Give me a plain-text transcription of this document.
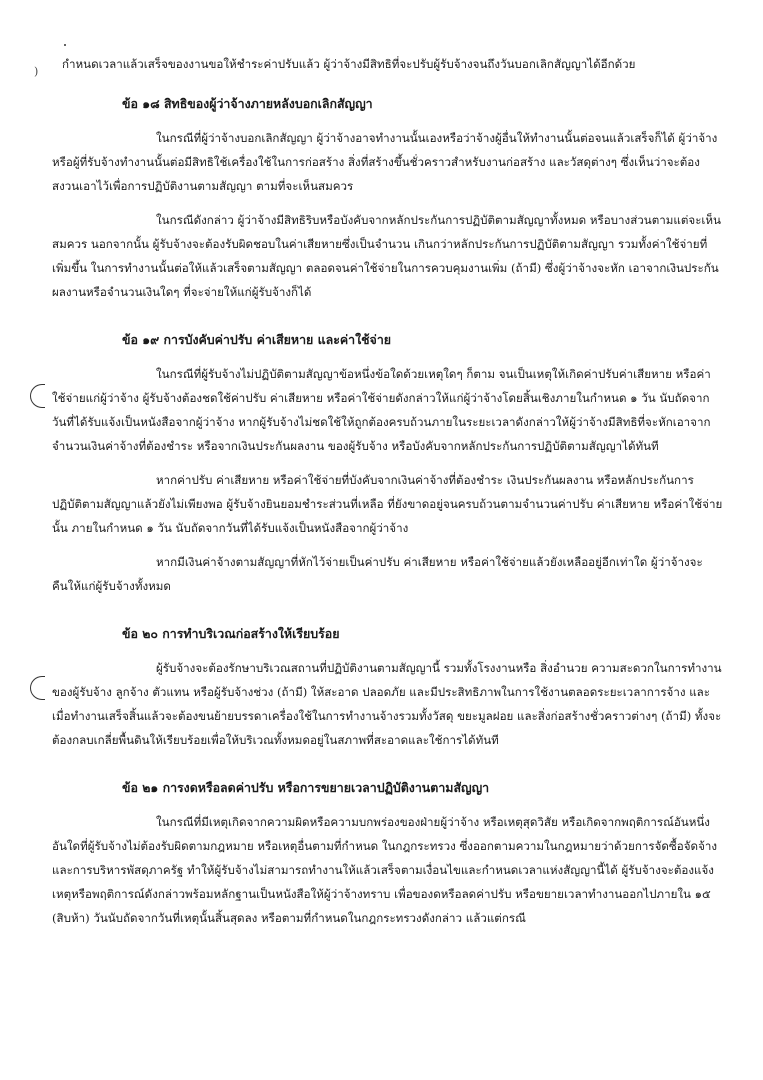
)

กำหนดเวลาแล้วเสร็จของงานขอให้ชำระค่าปรับแล้ว ผู้ว่าจ้างมีสิทธิที่จะปรับผู้รับจ้างจนถึงวันบอกเลิกสัญญาได้อีกด้วย

ข้อ ๑๘ สิทธิของผู้ว่าจ้างภายหลังบอกเลิกสัญญา

ในกรณีที่ผู้ว่าจ้างบอกเลิกสัญญา ผู้ว่าจ้างอาจทำงานนั้นเองหรือว่าจ้างผู้อื่นให้ทำงานนั้นต่อจนแล้วเสร็จก็ได้ ผู้ว่าจ้างหรือผู้ที่รับจ้างทำงานนั้นต่อมีสิทธิใช้เครื่องใช้ในการก่อสร้าง สิ่งที่สร้างขึ้นชั่วคราวสำหรับงานก่อสร้าง และวัสดุต่างๆ ซึ่งเห็นว่าจะต้องสงวนเอาไว้เพื่อการปฏิบัติงานตามสัญญา ตามที่จะเห็นสมควร

ในกรณีดังกล่าว ผู้ว่าจ้างมีสิทธิริบหรือบังคับจากหลักประกันการปฏิบัติตามสัญญาทั้งหมด หรือบางส่วนตามแต่จะเห็นสมควร นอกจากนั้น ผู้รับจ้างจะต้องรับผิดชอบในค่าเสียหายซึ่งเป็นจำนวน เกินกว่าหลักประกันการปฏิบัติตามสัญญา รวมทั้งค่าใช้จ่ายที่เพิ่มขึ้น ในการทำงานนั้นต่อให้แล้วเสร็จตามสัญญา ตลอดจนค่าใช้จ่ายในการควบคุมงานเพิ่ม (ถ้ามี) ซึ่งผู้ว่าจ้างจะหัก เอาจากเงินประกันผลงานหรือจำนวนเงินใดๆ ที่จะจ่ายให้แก่ผู้รับจ้างก็ได้

ข้อ ๑๙ การบังคับค่าปรับ ค่าเสียหาย และค่าใช้จ่าย

ในกรณีที่ผู้รับจ้างไม่ปฏิบัติตามสัญญาข้อหนึ่งข้อใดด้วยเหตุใดๆ ก็ตาม จนเป็นเหตุให้เกิดค่าปรับค่าเสียหาย หรือค่าใช้จ่ายแก่ผู้ว่าจ้าง ผู้รับจ้างต้องชดใช้ค่าปรับ ค่าเสียหาย หรือค่าใช้จ่ายดังกล่าวให้แก่ผู้ว่าจ้างโดยสิ้นเชิงภายในกำหนด ๑ วัน นับถัดจากวันที่ได้รับแจ้งเป็นหนังสือจากผู้ว่าจ้าง หากผู้รับจ้างไม่ชดใช้ให้ถูกต้องครบถ้วนภายในระยะเวลาดังกล่าวให้ผู้ว่าจ้างมีสิทธิที่จะหักเอาจากจำนวนเงินค่าจ้างที่ต้องชำระ หรือจากเงินประกันผลงาน ของผู้รับจ้าง หรือบังคับจากหลักประกันการปฏิบัติตามสัญญาได้ทันที

หากค่าปรับ ค่าเสียหาย หรือค่าใช้จ่ายที่บังคับจากเงินค่าจ้างที่ต้องชำระ เงินประกันผลงาน หรือหลักประกันการปฏิบัติตามสัญญาแล้วยังไม่เพียงพอ ผู้รับจ้างยินยอมชำระส่วนที่เหลือ ที่ยังขาดอยู่จนครบถ้วนตามจำนวนค่าปรับ ค่าเสียหาย หรือค่าใช้จ่ายนั้น ภายในกำหนด ๑ วัน นับถัดจากวันที่ได้รับแจ้งเป็นหนังสือจากผู้ว่าจ้าง

หากมีเงินค่าจ้างตามสัญญาที่หักไว้จ่ายเป็นค่าปรับ ค่าเสียหาย หรือค่าใช้จ่ายแล้วยังเหลืออยู่อีกเท่าใด ผู้ว่าจ้างจะคืนให้แก่ผู้รับจ้างทั้งหมด

ข้อ ๒๐ การทำบริเวณก่อสร้างให้เรียบร้อย

ผู้รับจ้างจะต้องรักษาบริเวณสถานที่ปฏิบัติงานตามสัญญานี้ รวมทั้งโรงงานหรือ สิ่งอำนวย ความสะดวกในการทำงานของผู้รับจ้าง ลูกจ้าง ตัวแทน หรือผู้รับจ้างช่วง (ถ้ามี) ให้สะอาด ปลอดภัย และมีประสิทธิภาพในการใช้งานตลอดระยะเวลาการจ้าง และเมื่อทำงานเสร็จสิ้นแล้วจะต้องขนย้ายบรรดาเครื่องใช้ในการทำงานจ้างรวมทั้งวัสดุ ขยะมูลฝอย และสิ่งก่อสร้างชั่วคราวต่างๆ (ถ้ามี) ทั้งจะต้องกลบเกลี่ยพื้นดินให้เรียบร้อยเพื่อให้บริเวณทั้งหมดอยู่ในสภาพที่สะอาดและใช้การได้ทันที

ข้อ ๒๑ การงดหรือลดค่าปรับ หรือการขยายเวลาปฏิบัติงานตามสัญญา

ในกรณีที่มีเหตุเกิดจากความผิดหรือความบกพร่องของฝ่ายผู้ว่าจ้าง หรือเหตุสุดวิสัย หรือเกิดจากพฤติการณ์อันหนึ่งอันใดที่ผู้รับจ้างไม่ต้องรับผิดตามกฎหมาย หรือเหตุอื่นตามที่กำหนด ในกฎกระทรวง ซึ่งออกตามความในกฎหมายว่าด้วยการจัดซื้อจัดจ้างและการบริหารพัสดุภาครัฐ ทำให้ผู้รับจ้างไม่สามารถทำงานให้แล้วเสร็จตามเงื่อนไขและกำหนดเวลาแห่งสัญญานี้ได้ ผู้รับจ้างจะต้องแจ้งเหตุหรือพฤติการณ์ดังกล่าวพร้อมหลักฐานเป็นหนังสือให้ผู้ว่าจ้างทราบ เพื่อของดหรือลดค่าปรับ หรือขยายเวลาทำงานออกไปภายใน ๑๕ (สิบห้า) วันนับถัดจากวันที่เหตุนั้นสิ้นสุดลง หรือตามที่กำหนดในกฎกระทรวงดังกล่าว แล้วแต่กรณี
